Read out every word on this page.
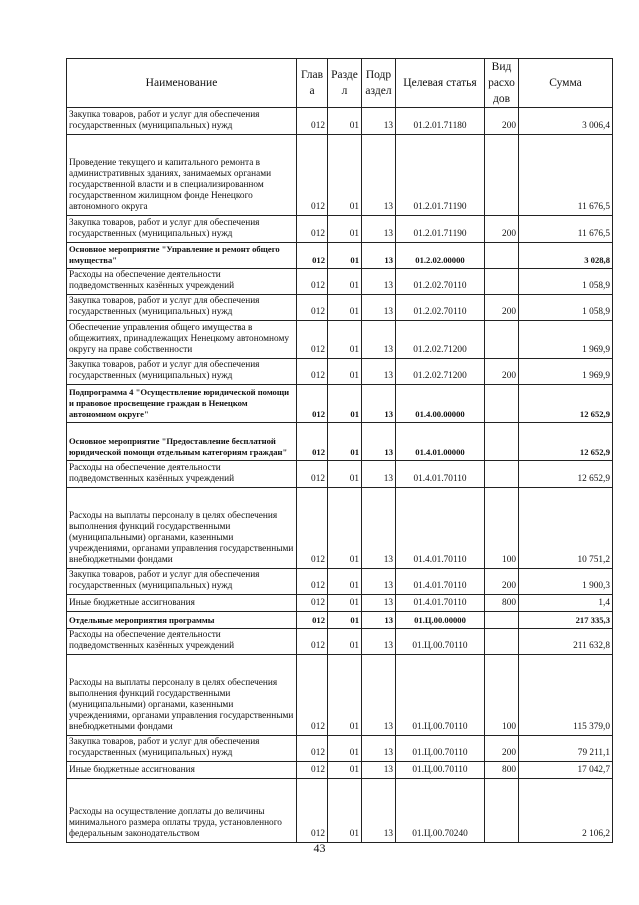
Наименование	Глав а	Разде л	Подр аздел	Целевая статья	Вид расхо дов	Сумма
Закупка товаров, работ и услуг для обеспечения государственных (муниципальных) нужд	012	01	13	01.2.01.71180	200	3 006,4
Проведение текущего и капитального ремонта в административных зданиях, занимаемых органами государственной власти и в специализированном государственном жилищном фонде Ненецкого автономного округа	012	01	13	01.2.01.71190		11 676,5
Закупка товаров, работ и услуг для обеспечения государственных (муниципальных) нужд	012	01	13	01.2.01.71190	200	11 676,5
Основное мероприятие "Управление и ремонт общего имущества"	012	01	13	01.2.02.00000		3 028,8
Расходы на обеспечение деятельности подведомственных казённых учреждений	012	01	13	01.2.02.70110		1 058,9
Закупка товаров, работ и услуг для обеспечения государственных (муниципальных) нужд	012	01	13	01.2.02.70110	200	1 058,9
Обеспечение управления общего имущества в общежитиях, принадлежащих Ненецкому автономному округу на праве собственности	012	01	13	01.2.02.71200		1 969,9
Закупка товаров, работ и услуг для обеспечения государственных (муниципальных) нужд	012	01	13	01.2.02.71200	200	1 969,9
Подпрограмма 4 "Осуществление юридической помощи и правовое просвещение граждан в Ненецком автономном округе"	012	01	13	01.4.00.00000		12 652,9
Основное мероприятие "Предоставление бесплатной юридической помощи отдельным категориям граждан"	012	01	13	01.4.01.00000		12 652,9
Расходы на обеспечение деятельности подведомственных казённых учреждений	012	01	13	01.4.01.70110		12 652,9
Расходы на выплаты персоналу в целях обеспечения выполнения функций государственными (муниципальными) органами, казенными учреждениями, органами управления государственными внебюджетными фондами	012	01	13	01.4.01.70110	100	10 751,2
Закупка товаров, работ и услуг для обеспечения государственных (муниципальных) нужд	012	01	13	01.4.01.70110	200	1 900,3
Иные бюджетные ассигнования	012	01	13	01.4.01.70110	800	1,4
Отдельные мероприятия программы	012	01	13	01.Ц.00.00000		217 335,3
Расходы на обеспечение деятельности подведомственных казённых учреждений	012	01	13	01.Ц.00.70110		211 632,8
Расходы на выплаты персоналу в целях обеспечения выполнения функций государственными (муниципальными) органами, казенными учреждениями, органами управления государственными внебюджетными фондами	012	01	13	01.Ц.00.70110	100	115 379,0
Закупка товаров, работ и услуг для обеспечения государственных (муниципальных) нужд	012	01	13	01.Ц.00.70110	200	79 211,1
Иные бюджетные ассигнования	012	01	13	01.Ц.00.70110	800	17 042,7
Расходы на осуществление доплаты до величины минимального размера оплаты труда, установленного федеральным законодательством	012	01	13	01.Ц.00.70240		2 106,2
43
